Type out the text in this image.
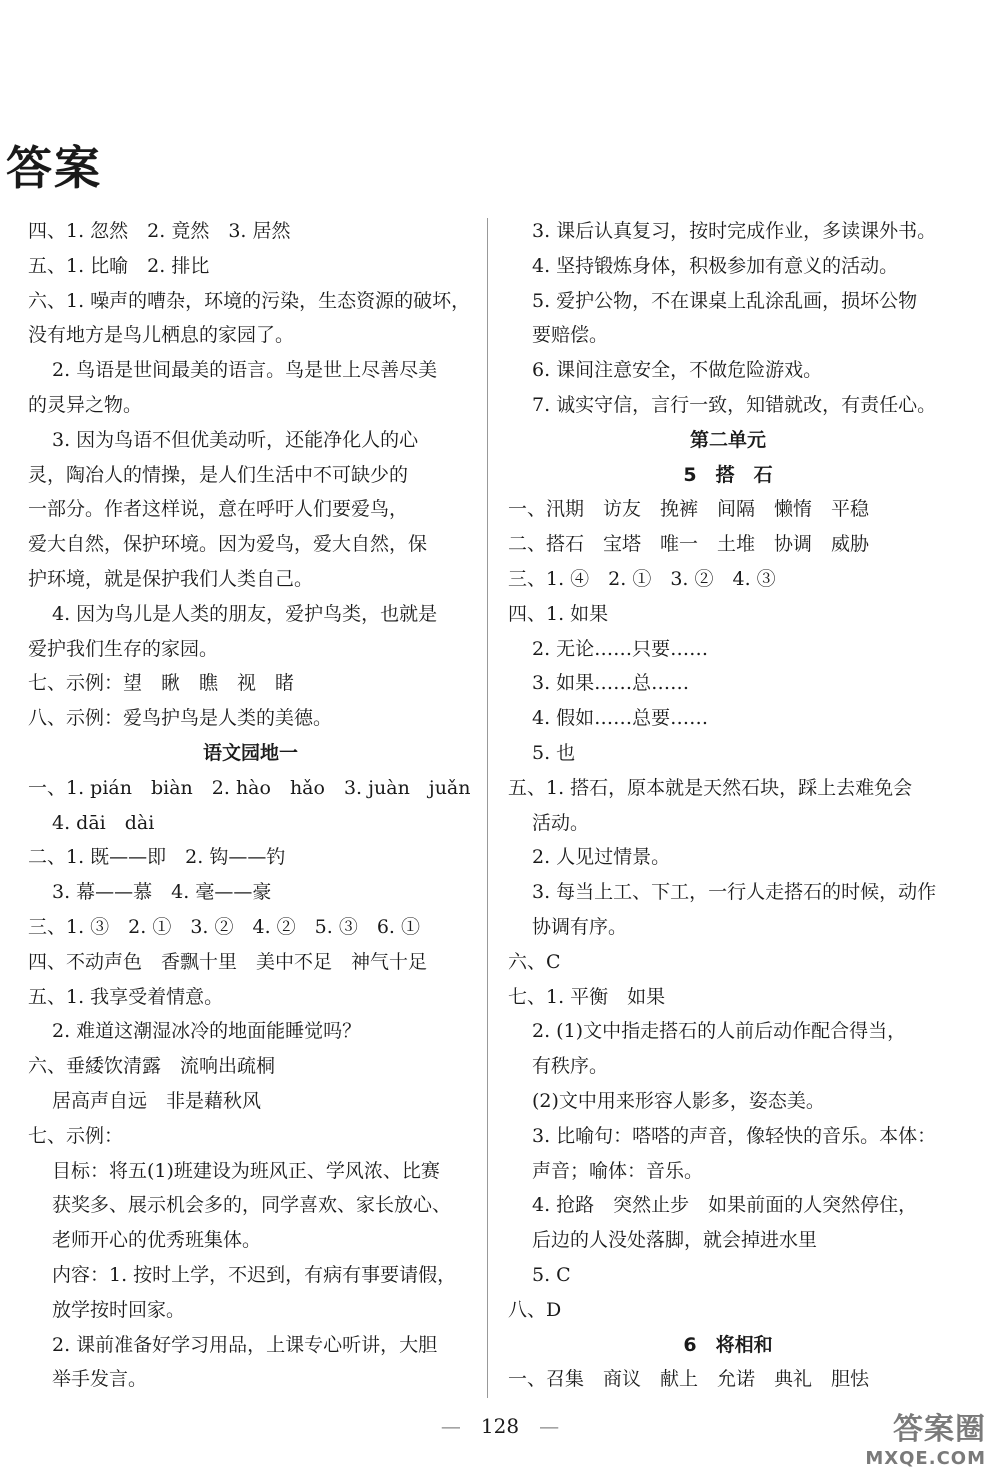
答案
四、1. 忽然　2. 竟然　3. 居然
五、1. 比喻　2. 排比
六、1. 噪声的嘈杂，环境的污染，生态资源的破坏，
没有地方是鸟儿栖息的家园了。
2. 鸟语是世间最美的语言。鸟是世上尽善尽美
的灵异之物。
3. 因为鸟语不但优美动听，还能净化人的心
灵，陶冶人的情操，是人们生活中不可缺少的
一部分。作者这样说，意在呼吁人们要爱鸟，
爱大自然，保护环境。因为爱鸟，爱大自然，保
护环境，就是保护我们人类自己。
4. 因为鸟儿是人类的朋友，爱护鸟类，也就是
爱护我们生存的家园。
七、示例：望　瞅　瞧　视　睹
八、示例：爱鸟护鸟是人类的美德。
语文园地一
一、1. pián　biàn　2. hào　hǎo　3. juàn　juǎn
4. dāi　dài
二、1. 既——即　2. 钩——钓
3. 幕——慕　4. 毫——豪
三、1. ③　2. ①　3. ②　4. ②　5. ③　6. ①
四、不动声色　香飘十里　美中不足　神气十足
五、1. 我享受着情意。
2. 难道这潮湿冰冷的地面能睡觉吗？
六、垂緌饮清露　流响出疏桐
居高声自远　非是藉秋风
七、示例：
目标：将五(1)班建设为班风正、学风浓、比赛
获奖多、展示机会多的，同学喜欢、家长放心、
老师开心的优秀班集体。
内容：1. 按时上学，不迟到，有病有事要请假，
放学按时回家。
2. 课前准备好学习用品，上课专心听讲，大胆
举手发言。
3. 课后认真复习，按时完成作业，多读课外书。
4. 坚持锻炼身体，积极参加有意义的活动。
5. 爱护公物，不在课桌上乱涂乱画，损坏公物
要赔偿。
6. 课间注意安全，不做危险游戏。
7. 诚实守信，言行一致，知错就改，有责任心。
第二单元
5　搭　石
一、汛期　访友　挽裤　间隔　懒惰　平稳
二、搭石　宝塔　唯一　土堆　协调　威胁
三、1. ④　2. ①　3. ②　4. ③
四、1. 如果
2. 无论……只要……
3. 如果……总……
4. 假如……总要……
5. 也
五、1. 搭石，原本就是天然石块，踩上去难免会
活动。
2. 人见过情景。
3. 每当上工、下工，一行人走搭石的时候，动作
协调有序。
六、C
七、1. 平衡　如果
2. (1)文中指走搭石的人前后动作配合得当，
有秩序。
(2)文中用来形容人影多，姿态美。
3. 比喻句：嗒嗒的声音，像轻快的音乐。本体：
声音；喻体：音乐。
4. 抢路　突然止步　如果前面的人突然停住，
后边的人没处落脚，就会掉进水里
5. C
八、D
6　将相和
一、召集　商议　献上　允诺　典礼　胆怯
—　128　—	答案圈
MXQE.COM
